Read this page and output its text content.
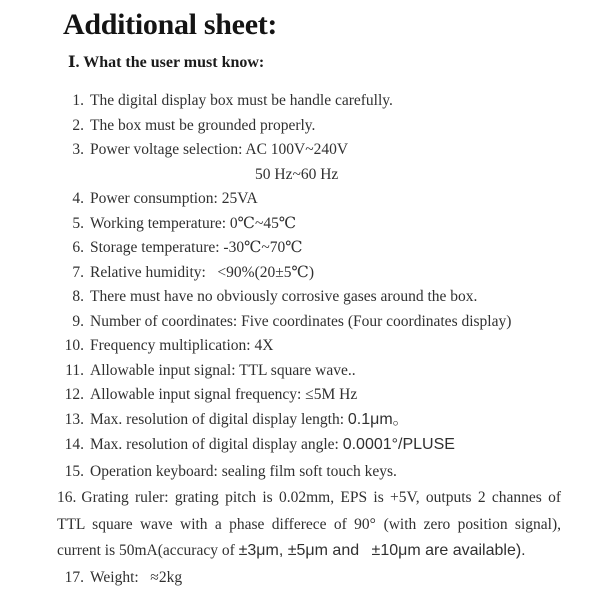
Additional sheet:
Ⅰ. What the user must know:
1. The digital display box must be handle carefully.
2. The box must be grounded properly.
3. Power voltage selection: AC 100V~240V
50 Hz~60 Hz
4. Power consumption: 25VA
5. Working temperature: 0℃~45℃
6. Storage temperature: -30℃~70℃
7. Relative humidity:  <90%(20±5℃)
8. There must have no obviously corrosive gases around the box.
9. Number of coordinates: Five coordinates (Four coordinates display)
10. Frequency multiplication: 4X
11. Allowable input signal: TTL square wave..
12. Allowable input signal frequency: ≤5M Hz
13. Max. resolution of digital display length: 0.1μm。
14. Max. resolution of digital display angle: 0.0001°/PLUSE
15. Operation keyboard: sealing film soft touch keys.
16. Grating ruler: grating pitch is 0.02mm, EPS is +5V, outputs 2 channes of TTL square wave with a phase differece of 90° (with zero position signal), current is 50mA(accuracy of ±3μm, ±5μm and  ±10μm are available).
17. Weight:  ≈2kg
